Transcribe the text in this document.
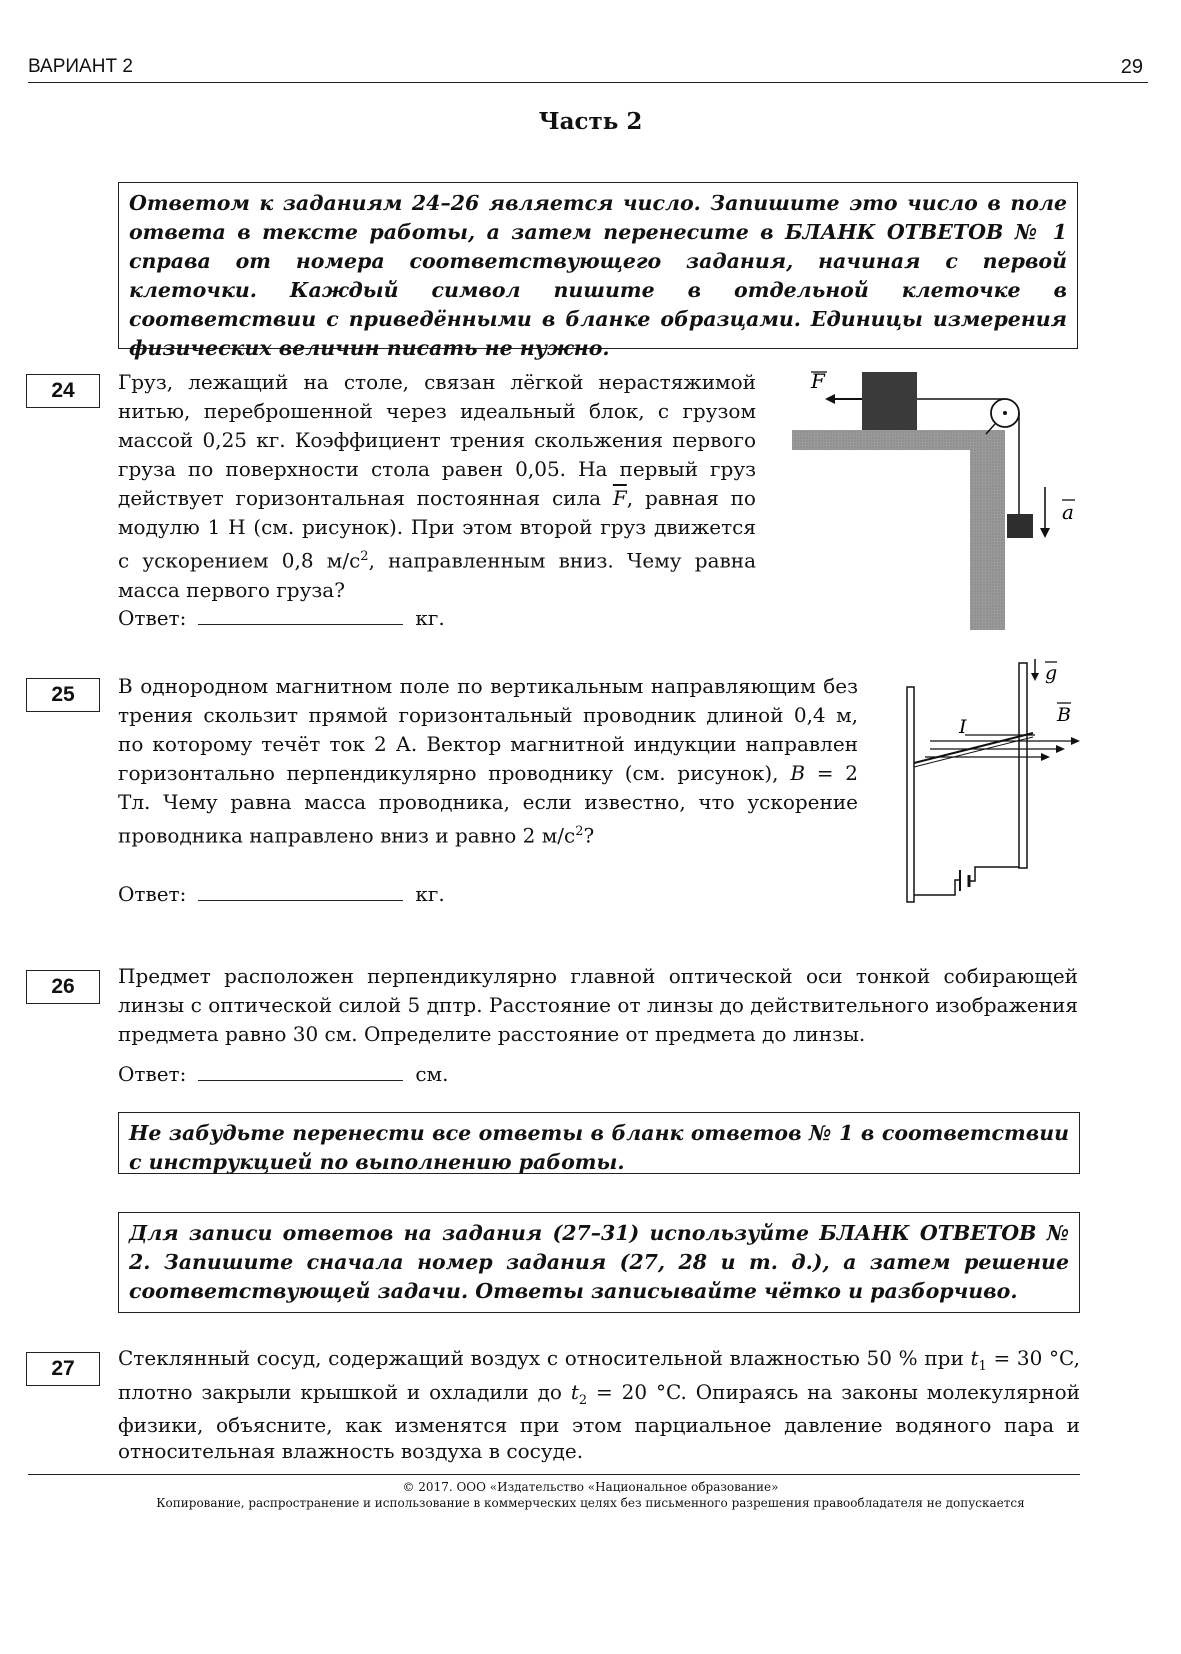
ВАРИАНТ 2	29
Часть 2

Ответом к заданиям 24–26 является число. Запишите это число в поле ответа в тексте работы, а затем перенесите в БЛАНК ОТВЕТОВ № 1 справа от номера соответствующего задания, начиная с первой клеточки. Каждый символ пишите в отдельной клеточке в соответствии с приведёнными в бланке образцами. Единицы измерения физических величин писать не нужно.

24	Груз, лежащий на столе, связан лёгкой нерастяжимой нитью, переброшенной через идеальный блок, с грузом массой 0,25 кг. Коэффициент трения скольжения первого груза по поверхности стола равен 0,05. На первый груз действует горизонтальная постоянная сила $\overline{F}$, равная по модулю 1 Н (см. рисунок). При этом второй груз движется с ускорением 0,8 $м/с^2$, направленным вниз. Чему равна масса первого груза?

Ответ:	кг.
F
a
25	В однородном магнитном поле по вертикальным направляющим без трения скользит прямой горизонтальный проводник длиной 0,4 м, по которому течёт ток 2 А. Вектор магнитной индукции направлен горизонтально перпендикулярно проводнику (см. рисунок), B = 2 Тл. Чему равна масса проводника, если известно, что ускорение проводника направлено вниз и равно 2 $м/с^2$?

Ответ:	кг.
I
B
g
26	Предмет расположен перпендикулярно главной оптической оси тонкой собирающей линзы с оптической силой 5 дптр. Расстояние от линзы до действительного изображения предмета равно 30 см. Определите расстояние от предмета до линзы.

Ответ:	см.

Не забудьте перенести все ответы в бланк ответов № 1 в соответствии с инструкцией по выполнению работы.

Для записи ответов на задания (27–31) используйте БЛАНК ОТВЕТОВ № 2. Запишите сначала номер задания (27, 28 и т. д.), а затем решение соответствующей задачи. Ответы записывайте чётко и разборчиво.

27	Стеклянный сосуд, содержащий воздух с относительной влажностью 50 % при $t_1 = 30$ °C, плотно закрыли крышкой и охладили до $t_2 = 20$ °C. Опираясь на законы молекулярной физики, объясните, как изменятся при этом парциальное давление водяного пара и относительная влажность воздуха в сосуде.

© 2017. ООО «Издательство «Национальное образование»
Копирование, распространение и использование в коммерческих целях без письменного разрешения правообладателя не допускается
